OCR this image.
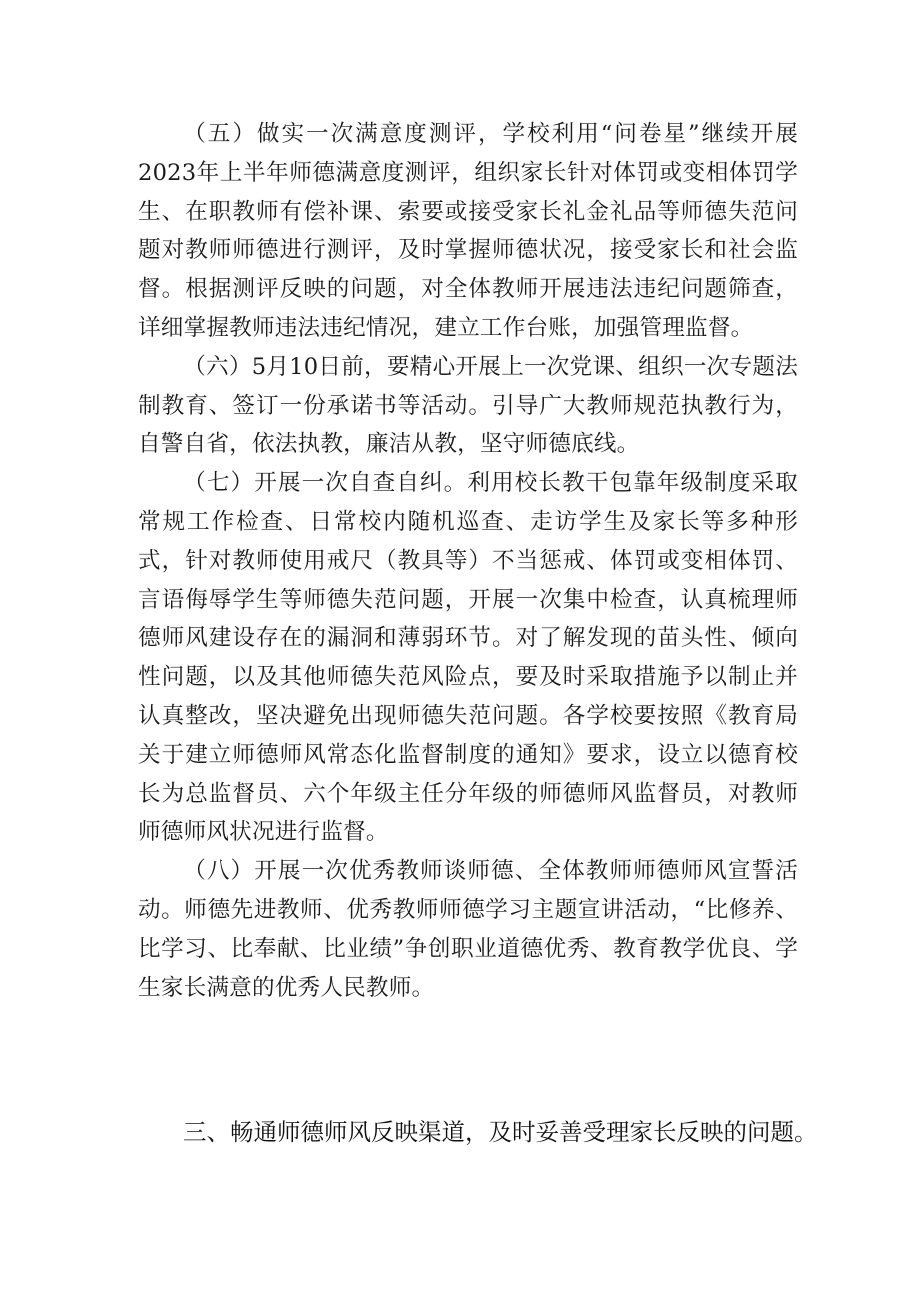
（五）做实一次满意度测评，学校利用“问卷星”继续开展2023年上半年师德满意度测评，组织家长针对体罚或变相体罚学生、在职教师有偿补课、索要或接受家长礼金礼品等师德失范问题对教师师德进行测评，及时掌握师德状况，接受家长和社会监督。根据测评反映的问题，对全体教师开展违法违纪问题筛查，详细掌握教师违法违纪情况，建立工作台账，加强管理监督。

（六）5月10日前，要精心开展上一次党课、组织一次专题法制教育、签订一份承诺书等活动。引导广大教师规范执教行为，自警自省，依法执教，廉洁从教，坚守师德底线。

（七）开展一次自查自纠。利用校长教干包靠年级制度采取常规工作检查、日常校内随机巡查、走访学生及家长等多种形式，针对教师使用戒尺（教具等）不当惩戒、体罚或变相体罚、言语侮辱学生等师德失范问题，开展一次集中检查，认真梳理师德师风建设存在的漏洞和薄弱环节。对了解发现的苗头性、倾向性问题，以及其他师德失范风险点，要及时采取措施予以制止并认真整改，坚决避免出现师德失范问题。各学校要按照《教育局关于建立师德师风常态化监督制度的通知》要求，设立以德育校长为总监督员、六个年级主任分年级的师德师风监督员，对教师师德师风状况进行监督。

（八）开展一次优秀教师谈师德、全体教师师德师风宣誓活动。师德先进教师、优秀教师师德学习主题宣讲活动，“比修养、比学习、比奉献、比业绩”争创职业道德优秀、教育教学优良、学生家长满意的优秀人民教师。

三、畅通师德师风反映渠道，及时妥善受理家长反映的问题。
